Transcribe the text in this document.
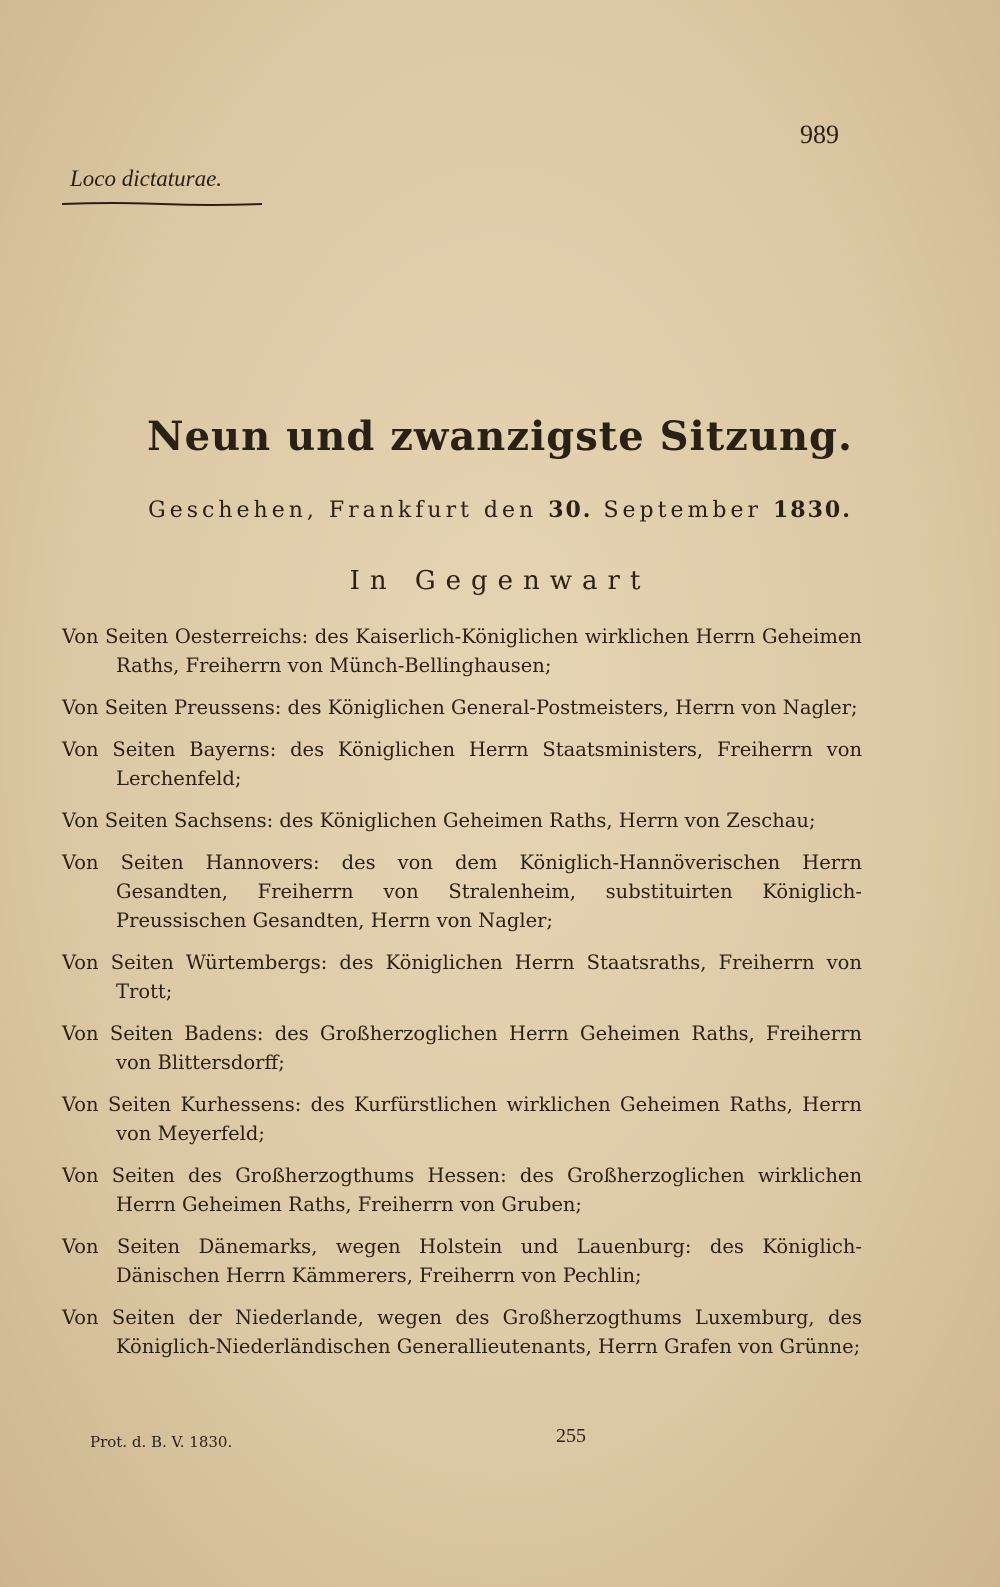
989
Loco dictaturae.
Neun und zwanzigste Sitzung.
Geschehen, Frankfurt den 30. September 1830.
In Gegenwart
Von Seiten Oesterreichs: des Kaiserlich-Königlichen wirklichen Herrn Geheimen Raths, Freiherrn von Münch-Bellinghausen;
Von Seiten Preussens: des Königlichen General-Postmeisters, Herrn von Nagler;
Von Seiten Bayerns: des Königlichen Herrn Staatsministers, Freiherrn von Lerchenfeld;
Von Seiten Sachsens: des Königlichen Geheimen Raths, Herrn von Zeschau;
Von Seiten Hannovers: des von dem Königlich-Hannöverischen Herrn Gesandten, Freiherrn von Stralenheim, substituirten Königlich-Preussischen Gesandten, Herrn von Nagler;
Von Seiten Würtembergs: des Königlichen Herrn Staatsraths, Freiherrn von Trott;
Von Seiten Badens: des Großherzoglichen Herrn Geheimen Raths, Freiherrn von Blittersdorff;
Von Seiten Kurhessens: des Kurfürstlichen wirklichen Geheimen Raths, Herrn von Meyerfeld;
Von Seiten des Großherzogthums Hessen: des Großherzoglichen wirklichen Herrn Geheimen Raths, Freiherrn von Gruben;
Von Seiten Dänemarks, wegen Holstein und Lauenburg: des Königlich-Dänischen Herrn Kämmerers, Freiherrn von Pechlin;
Von Seiten der Niederlande, wegen des Großherzogthums Luxemburg, des Königlich-Niederländischen Generallieutenants, Herrn Grafen von Grünne;
Prot. d. B. V. 1830.	255
